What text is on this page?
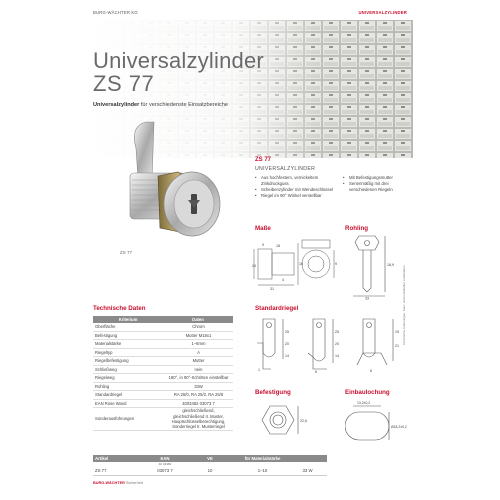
BURG-WÄCHTER KG	UNIVERSALZYLINDER
Universalzylinder
ZS 77
Universalzylinder für verschiedenste Einsatzbereiche
ZS 77
ZS 77
UNIVERSALZYLINDER
• Aus hochfestem, vernickeltem Zinkdruckguss
• Scheibenzylinder mit Wendeschlüssel
• Riegel im 90° Winkel verstellbar
• Mit Befestigungsmutter
• Serienmäßig mit drei verschiedenen Riegeln
Maße
31
24
18
9
4
15	9
Rohling
18,9
33
Technische Daten
Kriterium	Daten
Oberfläche	Chrom
Befestigung	Mutter M18x1
Materialstärke	1–6mm
Riegeltyp	A
Riegelbefestigung	Mutter
Schließweg	nein
Riegelweg	180°, in 90°-Schritten einstellbar
Rohling	33W
Standardriegel	RA 25/0, RA 25/2, RA 25/6
EAN Rose Wand	4003482 03073 7
Sonderausführungen
gleichschließend,
gleichschließend II. Muster,
Hauptschlüsselberechtigung,
Sonderriegel II. Musterriegel
Standardriegel
25
20
14
1
25
20
14
19
21
6	6
Befestigung
22,6
Einbaulochung
13,2±0,2
Ø18,2±0,2
Artikel	EAN	VE	für Materialstärke
40 03482
ZS 77	03073 7	10	1–10	33 W
BURG-WÄCHTER Sicherheit
Technische Änderungen, Satz- und Druckfehler vorbehalten
